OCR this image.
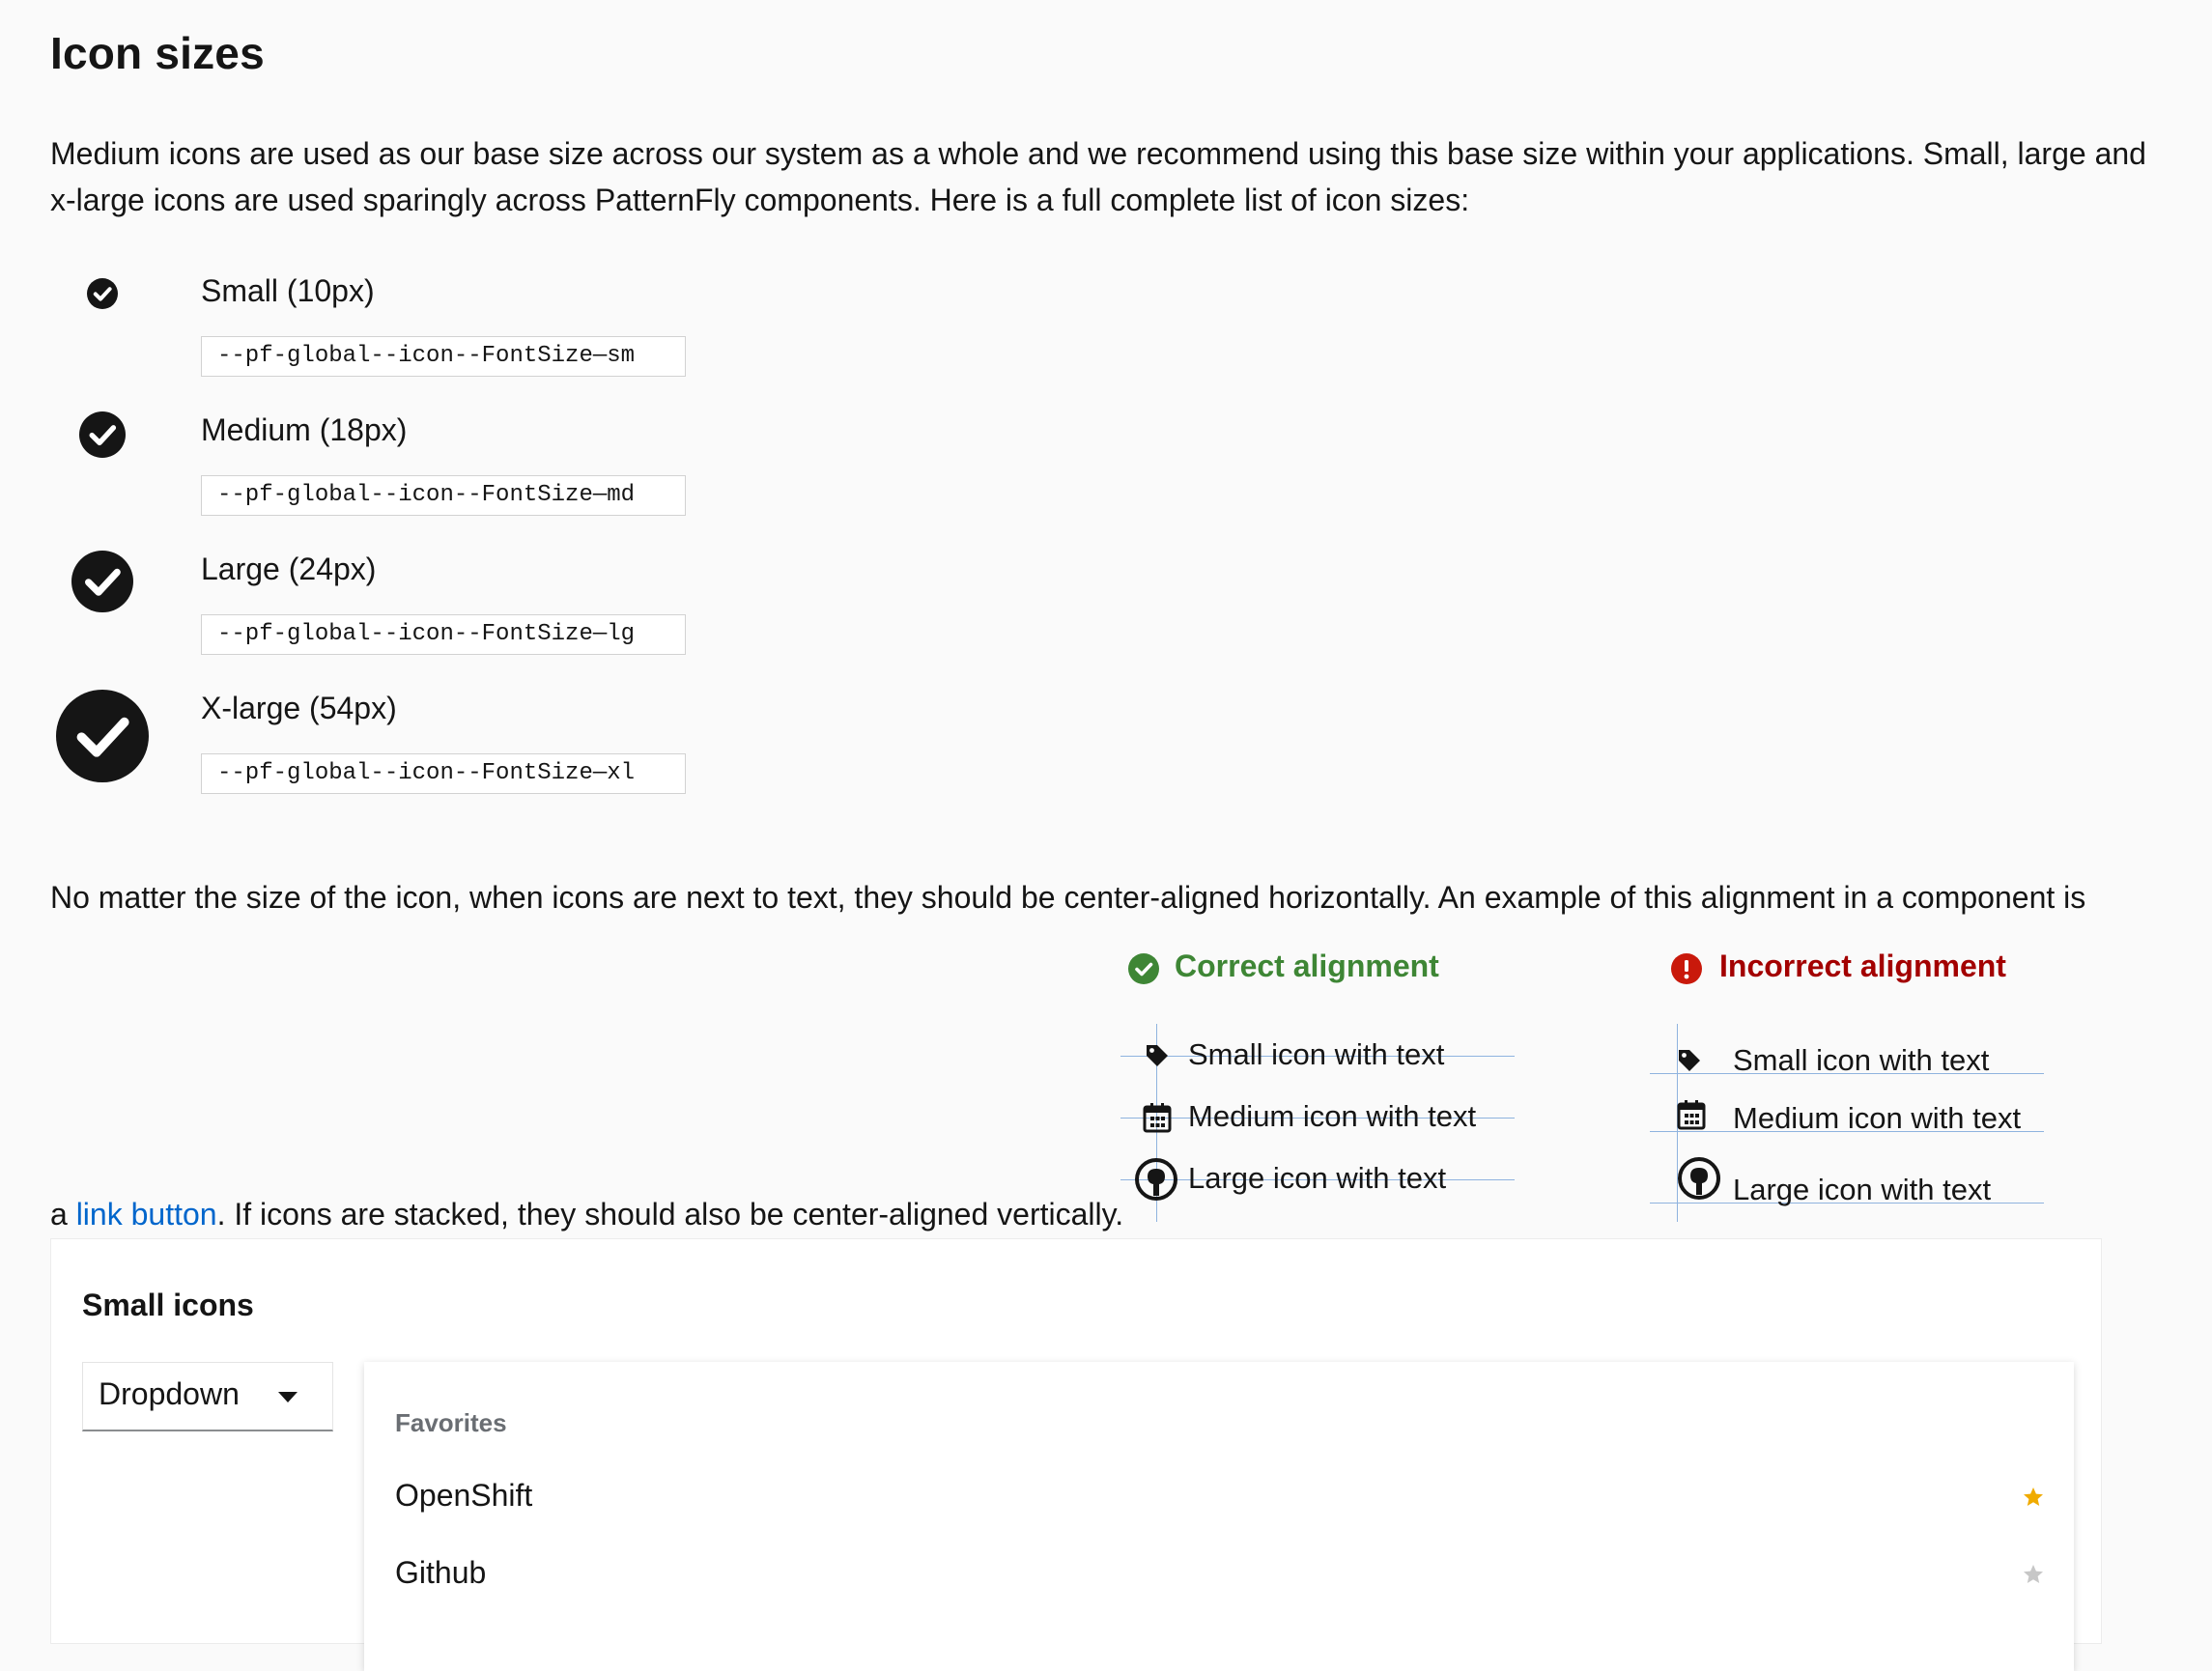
Icon sizes

Medium icons are used as our base size across our system as a whole and we recommend using this base size within your applications. Small, large and x-large icons are used sparingly across PatternFly components. Here is a full complete list of icon sizes:

Small (10px)
--pf-global--icon--FontSize—sm
Medium (18px)
--pf-global--icon--FontSize—md
Large (24px)
--pf-global--icon--FontSize—lg
X-large (54px)
--pf-global--icon--FontSize—xl

No matter the size of the icon, when icons are next to text, they should be center-aligned horizontally. An example of this alignment in a component is

a link button. If icons are stacked, they should also be center-aligned vertically.

Correct alignment
Small icon with text
Medium icon with text
Large icon with text
Incorrect alignment
Small icon with text
Medium icon with text
Large icon with text
Small icons
Dropdown
Favorites
OpenShift
Github
